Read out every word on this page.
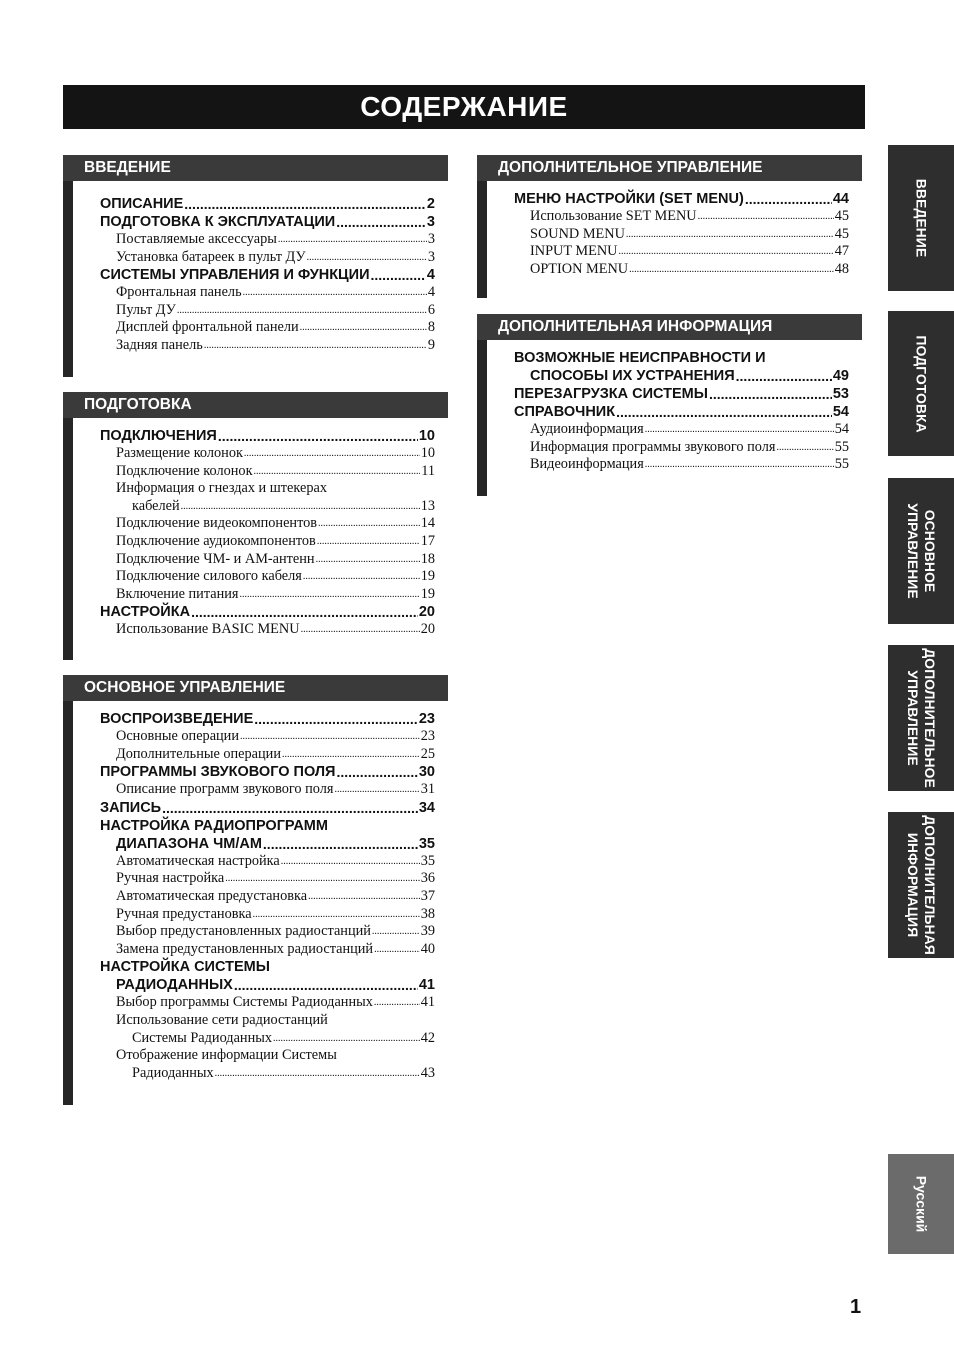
СОДЕРЖАНИЕ
ВВЕДЕНИЕ
ОПИСАНИЕ .....	2
ПОДГОТОВКА К ЭКСПЛУАТАЦИИ .....	3
Поставляемые аксессуары .....	3
Установка батареек в пульт ДУ .....	3
СИСТЕМЫ УПРАВЛЕНИЯ И ФУНКЦИИ .....	4
Фронтальная панель .....	4
Пульт ДУ .....	6
Дисплей фронтальной панели .....	8
Задняя панель .....	9
ПОДГОТОВКА
ПОДКЛЮЧЕНИЯ .....	10
Размещение колонок .....	10
Подключение колонок .....	11
Информация о гнездах и штекерах
кабелей .....	13
Подключение видеокомпонентов .....	14
Подключение аудиокомпонентов .....	17
Подключение ЧМ- и АМ-антенн .....	18
Подключение силового кабеля .....	19
Включение питания .....	19
НАСТРОЙКА .....	20
Использование BASIC MENU .....	20
ОСНОВНОЕ УПРАВЛЕНИЕ
ВОСПРОИЗВЕДЕНИЕ .....	23
Основные операции .....	23
Дополнительные операции .....	25
ПРОГРАММЫ ЗВУКОВОГО ПОЛЯ .....	30
Описание программ звукового поля .....	31
ЗАПИСЬ .....	34
НАСТРОЙКА РАДИОПРОГРАММ
ДИАПАЗОНА ЧМ/АМ .....	35
Автоматическая настройка .....	35
Ручная настройка .....	36
Автоматическая предустановка .....	37
Ручная предустановка .....	38
Выбор предустановленных радиостанций .....	39
Замена предустановленных радиостанций .....	40
НАСТРОЙКА СИСТЕМЫ
РАДИОДАННЫХ .....	41
Выбор программы Системы Радиоданных .....	41
Использование сети радиостанций
Системы Радиоданных .....	42
Отображение информации Системы
Радиоданных .....	43
ДОПОЛНИТЕЛЬНОЕ УПРАВЛЕНИЕ
МЕНЮ НАСТРОЙКИ (SET MENU) .....	44
Использование SET MENU .....	45
SOUND MENU .....	45
INPUT MENU .....	47
OPTION MENU .....	48
ДОПОЛНИТЕЛЬНАЯ ИНФОРМАЦИЯ
ВОЗМОЖНЫЕ НЕИСПРАВНОСТИ И
СПОСОБЫ ИХ УСТРАНЕНИЯ .....	49
ПЕРЕЗАГРУЗКА СИСТЕМЫ .....	53
СПРАВОЧНИК .....	54
Аудиоинформация .....	54
Информация программы звукового поля .....	55
Видеоинформация .....	55
ВВЕДЕНИЕ
ПОДГОТОВКА
ОСНОВНОЕ
УПРАВЛЕНИЕ
ДОПОЛНИТЕЛЬНОЕ
УПРАВЛЕНИЕ
ДОПОЛНИТЕЛЬНАЯ
ИНФОРМАЦИЯ
Русский
1
